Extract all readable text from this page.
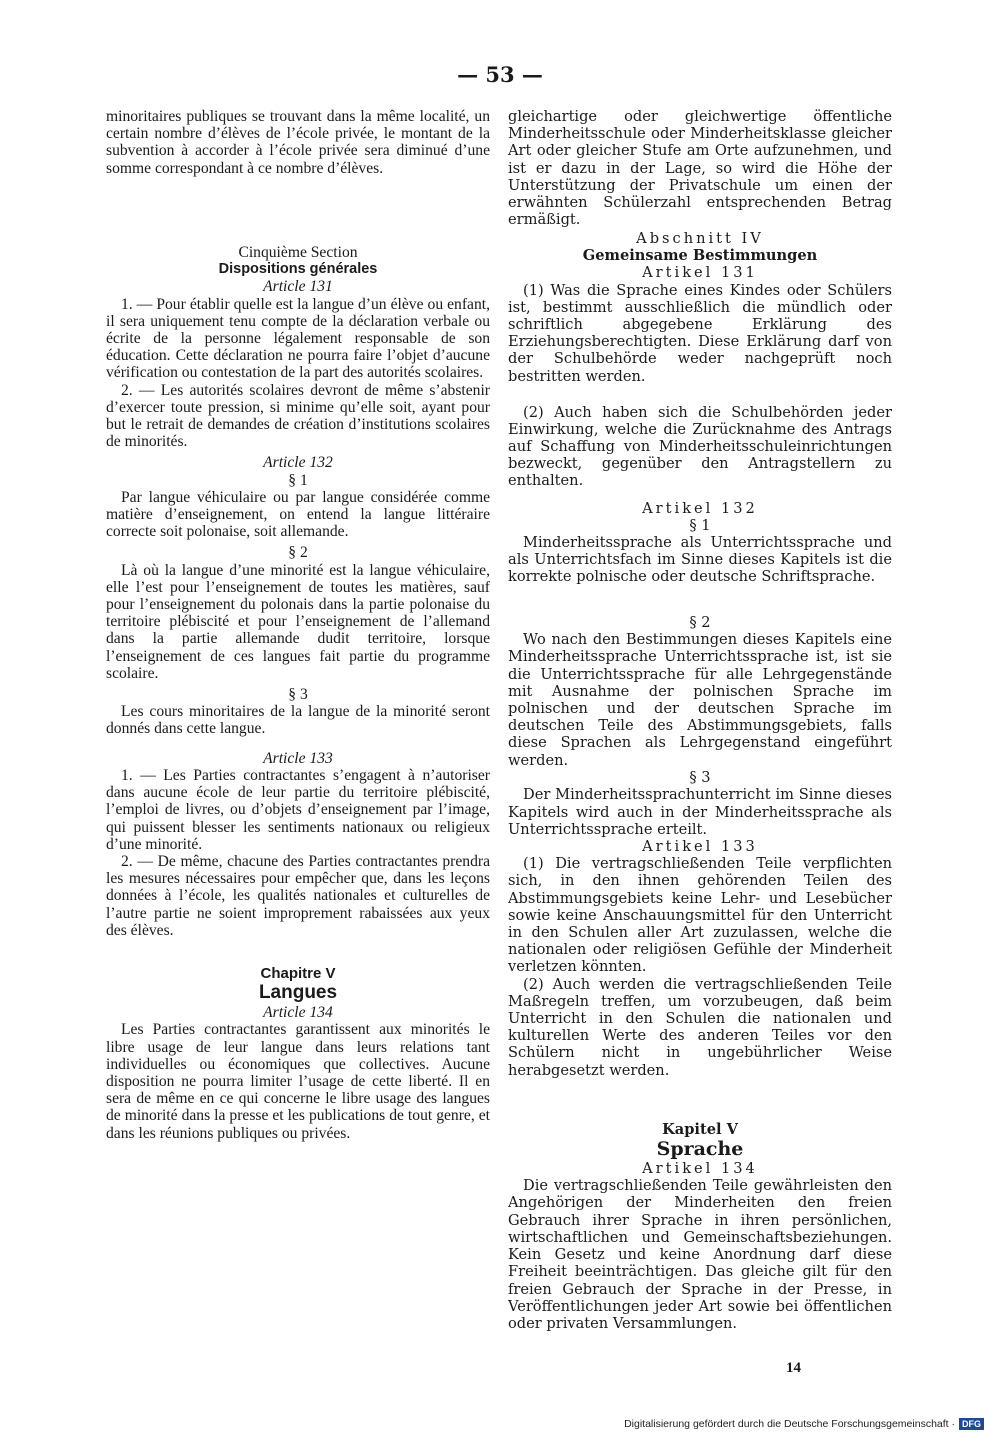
— 53 —

minoritaires publiques se trouvant dans la même localité, un certain nombre d’élèves de l’école privée, le montant de la subvention à accorder à l’école privée sera diminué d’une somme correspondant à ce nombre d’élèves.

Cinquième Section

Dispositions générales

Article 131

1. — Pour établir quelle est la langue d’un élève ou enfant, il sera uniquement tenu compte de la déclaration verbale ou écrite de la personne légalement responsable de son éducation. Cette déclaration ne pourra faire l’objet d’aucune vérification ou contestation de la part des autorités scolaires.

2. — Les autorités scolaires devront de même s’abstenir d’exercer toute pression, si minime qu’elle soit, ayant pour but le retrait de demandes de création d’institutions scolaires de minorités.

Article 132

§ 1

Par langue véhiculaire ou par langue considérée comme matière d’enseignement, on entend la langue littéraire correcte soit polonaise, soit allemande.

§ 2

Là où la langue d’une minorité est la langue véhiculaire, elle l’est pour l’enseignement de toutes les matières, sauf pour l’enseignement du polonais dans la partie polonaise du territoire plébiscité et pour l’enseignement de l’allemand dans la partie allemande dudit territoire, lorsque l’enseignement de ces langues fait partie du programme scolaire.

§ 3

Les cours minoritaires de la langue de la minorité seront donnés dans cette langue.

Article 133

1. — Les Parties contractantes s’engagent à n’autoriser dans aucune école de leur partie du territoire plébiscité, l’emploi de livres, ou d’objets d’enseignement par l’image, qui puissent blesser les sentiments nationaux ou religieux d’une minorité.

2. — De même, chacune des Parties contractantes prendra les mesures nécessaires pour empêcher que, dans les leçons données à l’école, les qualités nationales et culturelles de l’autre partie ne soient improprement rabaissées aux yeux des élèves.

Chapitre V

Langues

Article 134

Les Parties contractantes garantissent aux minorités le libre usage de leur langue dans leurs relations tant individuelles ou économiques que collectives. Aucune disposition ne pourra limiter l’usage de cette liberté. Il en sera de même en ce qui concerne le libre usage des langues de minorité dans la presse et les publications de tout genre, et dans les réunions publiques ou privées.

gleichartige oder gleichwertige öffentliche Minderheitsschule oder Minderheitsklasse gleicher Art oder gleicher Stufe am Orte aufzunehmen, und ist er dazu in der Lage, so wird die Höhe der Unterstützung der Privatschule um einen der erwähnten Schülerzahl entsprechenden Betrag ermäßigt.

Abschnitt IV

Gemeinsame Bestimmungen

Artikel 131

(1) Was die Sprache eines Kindes oder Schülers ist, bestimmt ausschließlich die mündlich oder schriftlich abgegebene Erklärung des Erziehungsberechtigten. Diese Erklärung darf von der Schulbehörde weder nachgeprüft noch bestritten werden.

(2) Auch haben sich die Schulbehörden jeder Einwirkung, welche die Zurücknahme des Antrags auf Schaffung von Minderheitsschuleinrichtungen bezweckt, gegenüber den Antragstellern zu enthalten.

Artikel 132

§ 1

Minderheitssprache als Unterrichtssprache und als Unterrichtsfach im Sinne dieses Kapitels ist die korrekte polnische oder deutsche Schriftsprache.

§ 2

Wo nach den Bestimmungen dieses Kapitels eine Minderheitssprache Unterrichtssprache ist, ist sie die Unterrichtssprache für alle Lehrgegenstände mit Ausnahme der polnischen Sprache im polnischen und der deutschen Sprache im deutschen Teile des Abstimmungsgebiets, falls diese Sprachen als Lehrgegenstand eingeführt werden.

§ 3

Der Minderheitssprachunterricht im Sinne dieses Kapitels wird auch in der Minderheitssprache als Unterrichtssprache erteilt.

Artikel 133

(1) Die vertragschließenden Teile verpflichten sich, in den ihnen gehörenden Teilen des Abstimmungsgebiets keine Lehr- und Lesebücher sowie keine Anschauungsmittel für den Unterricht in den Schulen aller Art zuzulassen, welche die nationalen oder religiösen Gefühle der Minderheit verletzen könnten.

(2) Auch werden die vertragschließenden Teile Maßregeln treffen, um vorzubeugen, daß beim Unterricht in den Schulen die nationalen und kulturellen Werte des anderen Teiles vor den Schülern nicht in ungebührlicher Weise herabgesetzt werden.

Kapitel V

Sprache

Artikel 134

Die vertragschließenden Teile gewährleisten den Angehörigen der Minderheiten den freien Gebrauch ihrer Sprache in ihren persönlichen, wirtschaftlichen und Gemeinschaftsbeziehungen. Kein Gesetz und keine Anordnung darf diese Freiheit beeinträchtigen. Das gleiche gilt für den freien Gebrauch der Sprache in der Presse, in Veröffentlichungen jeder Art sowie bei öffentlichen oder privaten Versammlungen.

14
Digitalisierung gefördert durch die Deutsche Forschungsgemeinschaft · DFG
